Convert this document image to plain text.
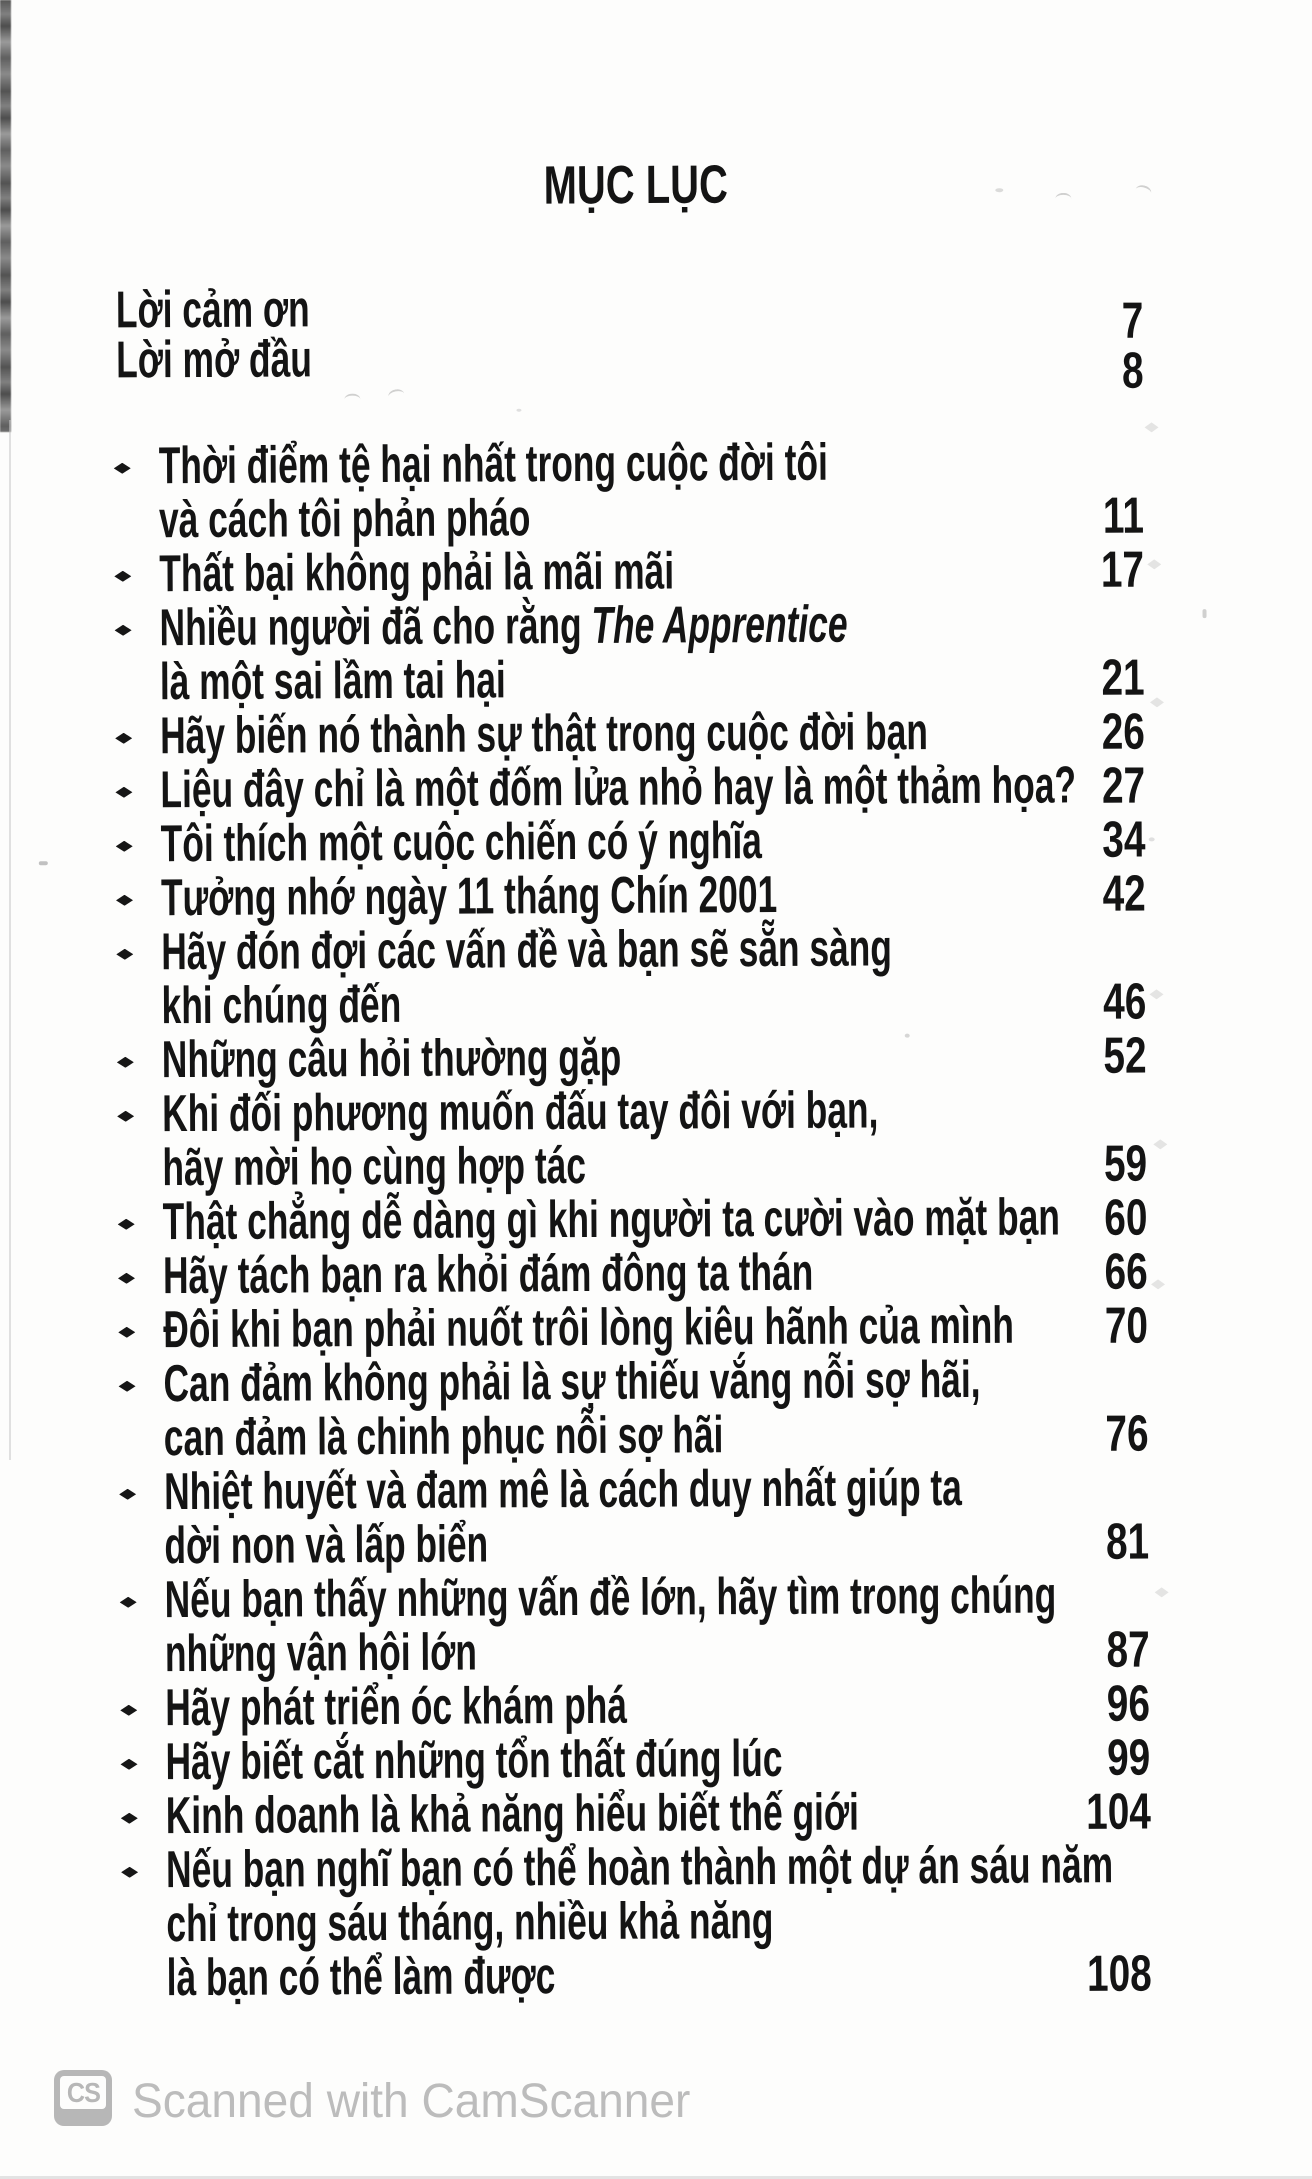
MỤC LỤC
Lời cảm ơn	7
Lời mở đầu	8
Thời điểm tệ hại nhất trong cuộc đời tôi
và cách tôi phản pháo	11
Thất bại không phải là mãi mãi	17
Nhiều người đã cho rằng The Apprentice
là một sai lầm tai hại	21
Hãy biến nó thành sự thật trong cuộc đời bạn	26
Liệu đây chỉ là một đốm lửa nhỏ hay là một thảm họa? 27
Tôi thích một cuộc chiến có ý nghĩa	34
Tưởng nhớ ngày 11 tháng Chín 2001	42
Hãy đón đợi các vấn đề và bạn sẽ sẵn sàng
khi chúng đến	46
Những câu hỏi thường gặp	52
Khi đối phương muốn đấu tay đôi với bạn,
hãy mời họ cùng hợp tác	59
Thật chẳng dễ dàng gì khi người ta cười vào mặt bạn 60
Hãy tách bạn ra khỏi đám đông ta thán	66
Đôi khi bạn phải nuốt trôi lòng kiêu hãnh của mình 70
Can đảm không phải là sự thiếu vắng nỗi sợ hãi,
can đảm là chinh phục nỗi sợ hãi	76
Nhiệt huyết và đam mê là cách duy nhất giúp ta
dời non và lấp biển	81
Nếu bạn thấy những vấn đề lớn, hãy tìm trong chúng
những vận hội lớn	87
Hãy phát triển óc khám phá	96
Hãy biết cắt những tổn thất đúng lúc	99
Kinh doanh là khả năng hiểu biết thế giới	104
Nếu bạn nghĩ bạn có thể hoàn thành một dự án sáu năm
chỉ trong sáu tháng, nhiều khả năng
là bạn có thể làm được	108
CS Scanned with CamScanner
